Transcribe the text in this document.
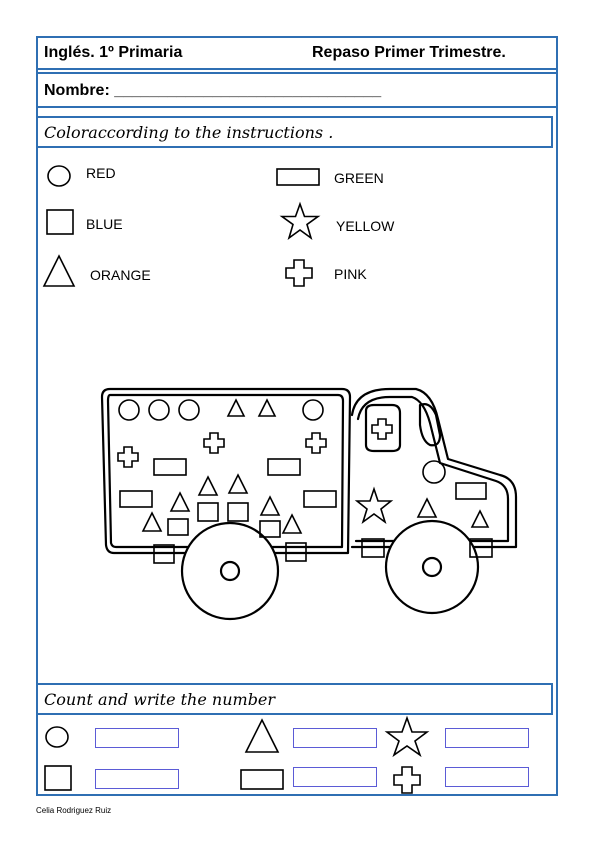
Inglés. 1º Primaria	Repaso Primer Trimestre.
Nombre: ______________________________
Coloraccording to the instructions .
RED	GREEN
BLUE	YELLOW
ORANGE	PINK
Count and write the number
Celia Rodriguez Ruiz
